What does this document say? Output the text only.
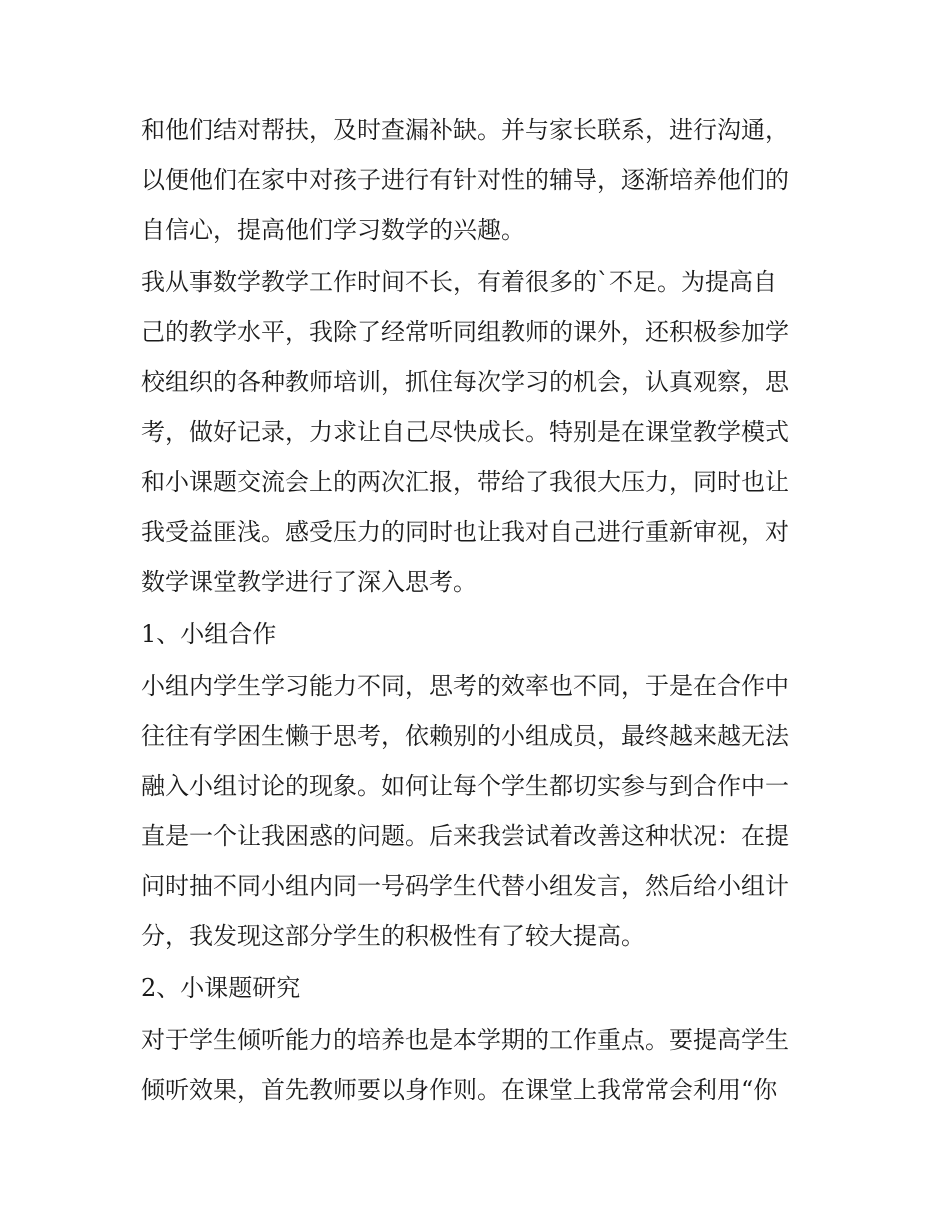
和他们结对帮扶，及时查漏补缺。并与家长联系，进行沟通，
以便他们在家中对孩子进行有针对性的辅导，逐渐培养他们的
自信心，提高他们学习数学的兴趣。
我从事数学教学工作时间不长，有着很多的`不足。为提高自
己的教学水平，我除了经常听同组教师的课外，还积极参加学
校组织的各种教师培训，抓住每次学习的机会，认真观察，思
考，做好记录，力求让自己尽快成长。特别是在课堂教学模式
和小课题交流会上的两次汇报，带给了我很大压力，同时也让
我受益匪浅。感受压力的同时也让我对自己进行重新审视，对
数学课堂教学进行了深入思考。
1、小组合作
小组内学生学习能力不同，思考的效率也不同，于是在合作中
往往有学困生懒于思考，依赖别的小组成员，最终越来越无法
融入小组讨论的现象。如何让每个学生都切实参与到合作中一
直是一个让我困惑的问题。后来我尝试着改善这种状况：在提
问时抽不同小组内同一号码学生代替小组发言，然后给小组计
分，我发现这部分学生的积极性有了较大提高。
2、小课题研究
对于学生倾听能力的培养也是本学期的工作重点。要提高学生
倾听效果，首先教师要以身作则。在课堂上我常常会利用“你
